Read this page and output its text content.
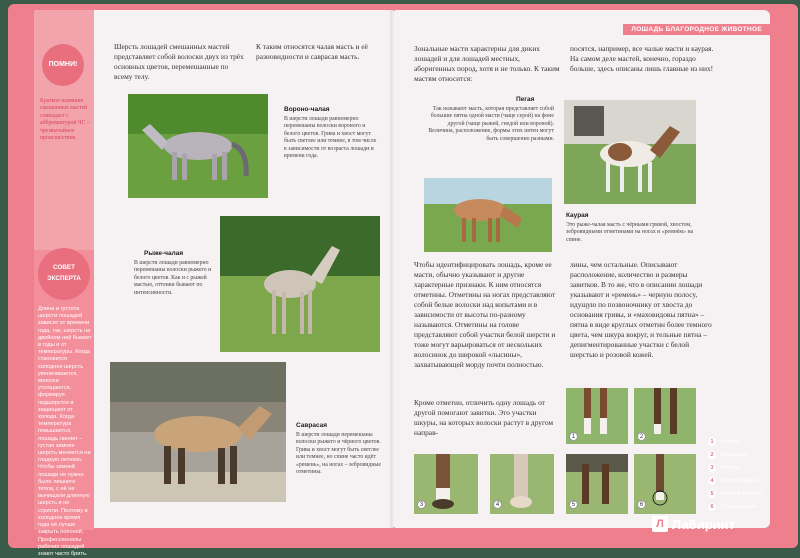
ПОМНИ!
Краткое название смешанных мастей совпадает с аббревиатурой ЧС – чрезвычайное происшествие.
Шерсть лошадей смешанных мастей представляет собой волоски двух из трёх основных цветов, перемешанные по всему телу.
К таким относятся чалая масть и её разновидности и саврасая масть.
Вороно-чалая
В шерсти лошади равномерно перемешаны волоски вороного и белого цветов. Грива и хвост могут быть светлее или темнее, в том числе в зависимости от возраста лошади и времени года.
СОВЕТ ЭКСПЕРТА
Длина и густота шерсти лошадей зависит от времени года, так, шерсть на двойном ней бывает в годы и от температуры. Когда становится холоднее шерсть увеличивается, волоски утолщаются, формируя подшерсток и защищают от холода. Когда температура повышается, лошадь линяет – густая зимняя шерсть меняется на гладкую летнюю. Чтобы зимней лошади не нужно было лишнего тепла, с её не вычищали длинную шерсть и не стригли. Поэтому в холодное время года её лучше закрыть попоной. Профессионалы рабочих лошадей знают часто брить.
Рыже-чалая
В шерсти лошади равномерно перемешаны волоски рыжего и белого цветов. Как и с рыжей мастью, оттенки бывают по интенсивности.
Саврасая
В шерсти лошади перемешаны волоски рыжего и чёрного цветов. Грива и хвост могут быть светлее или темнее, но спине часто идёт «ремень», на ногах – зебровидные отметины.
ЛОШАДЬ БЛАГОРОДНОЕ ЖИВОТНОЕ
Зональные масти характерны для диких лошадей и для лошадей местных, аборигенных пород, хотя и не только. К таким мастям относится:
посятся, например, все чалые масти и каурая. На самом деле мастей, конечно, гораздо больше, здесь описаны лишь главные из них!
Пегая
Так называют масть, которая представляет собой большие пятна одной масти (чаще серой) на фоне другой (чаще рыжей, гнедой или вороной). Величина, расположение, формы этих пятен могут быть совершенно разными.
Каурая
Это рыже-чалая масть с чёрными гривой, хвостом, зебровидными отметинами на ногах и «ремнём» на спине.
Чтобы идентифицировать лошадь, кроме ее масти, обычно указывают и другие характерные признаки. К ним относятся отметины. Отметины на ногах представляют собой белые волоски над копытами и в зависимости от высоты по-разному называются. Отметины на голове представляют собой участки белой шерсти и тоже могут варьироваться от нескольких волосинок до широкой «лысины», захватывающей морду почти полностью.
лины, чем остальные. Описывают расположение, количество и размеры завитков. В то же, что в описании лошади указывают и «ремень» – черную полосу, идущую по позвоночнику от хвоста до основания гривы, и «маховидовы пятна» – пятна в виде круглых отметин более темного цвета, чем шкура вокруг, и тельные пятна – депигментированные участки с белой шерстью и розовой кожей.
Кроме отметин, отличить одну лошадь от другой помогают завитки. Это участки шкуры, на которых волоски растут в другом направ-	1	2
3	4	5	6
1	«Чулки»
2	«Польфы»
3	«Носки»
4	«Белая бабка»
5	«Белый венчик»
6	«След носка»
Л Лабиринт
